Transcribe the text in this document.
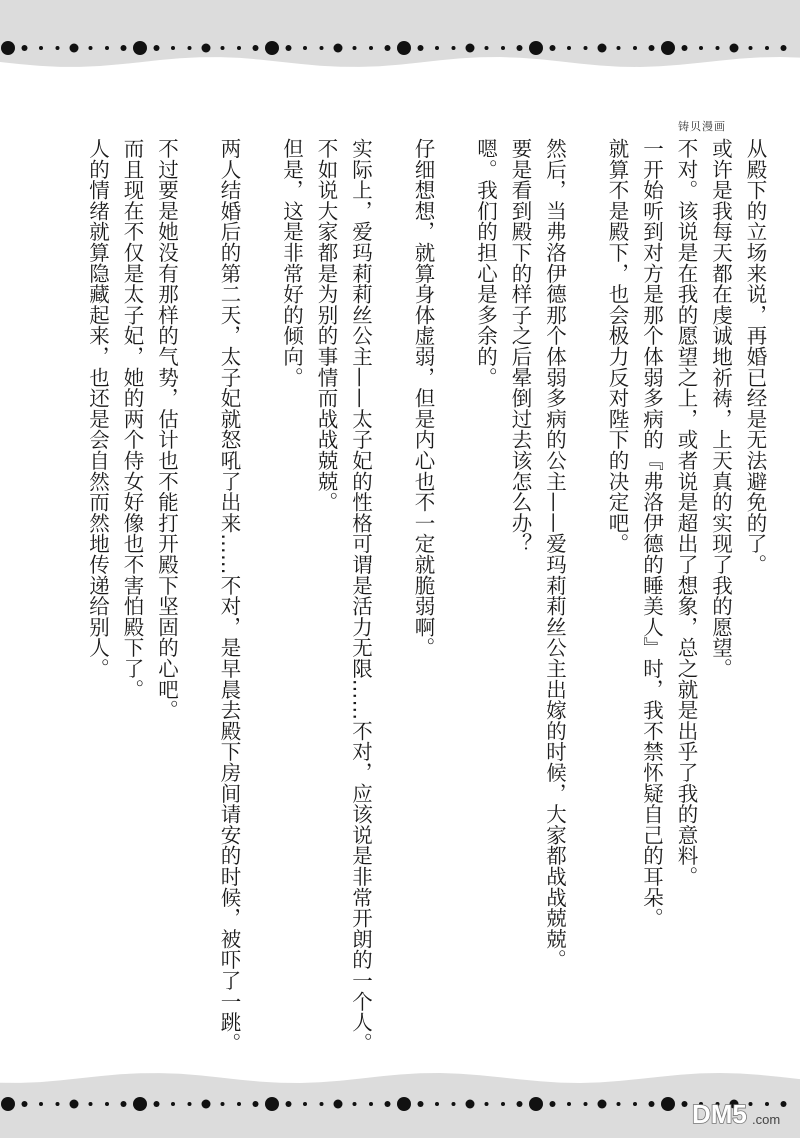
铸贝漫画

从殿下的立场来说，再婚已经是无法避免的了。

或许是我每天都在虔诚地祈祷，上天真的实现了我的愿望。

不对。该说是在我的愿望之上，或者说是超出了想象，总之就是出乎了我的意料。

一开始听到对方是那个体弱多病的『弗洛伊德的睡美人』时，我不禁怀疑自己的耳朵。

就算不是殿下，也会极力反对陛下的决定吧。

然后，当弗洛伊德那个体弱多病的公主——爱玛莉莉丝公主出嫁的时候，大家都战战兢兢。

要是看到殿下的样子之后晕倒过去该怎么办？

嗯。我们的担心是多余的。

仔细想想，就算身体虚弱，但是内心也不一定就脆弱啊。

实际上，爱玛莉莉丝公主——太子妃的性格可谓是活力无限……不对，应该说是非常开朗的一个人。

不如说大家都是为别的事情而战战兢兢。

但是，这是非常好的倾向。

两人结婚后的第二天，太子妃就怒吼了出来……不对，是早晨去殿下房间请安的时候，被吓了一跳。

不过要是她没有那样的气势，估计也不能打开殿下坚固的心吧。

而且现在不仅是太子妃，她的两个侍女好像也不害怕殿下了。

人的情绪就算隐藏起来，也还是会自然而然地传递给别人。

DM5 .com
